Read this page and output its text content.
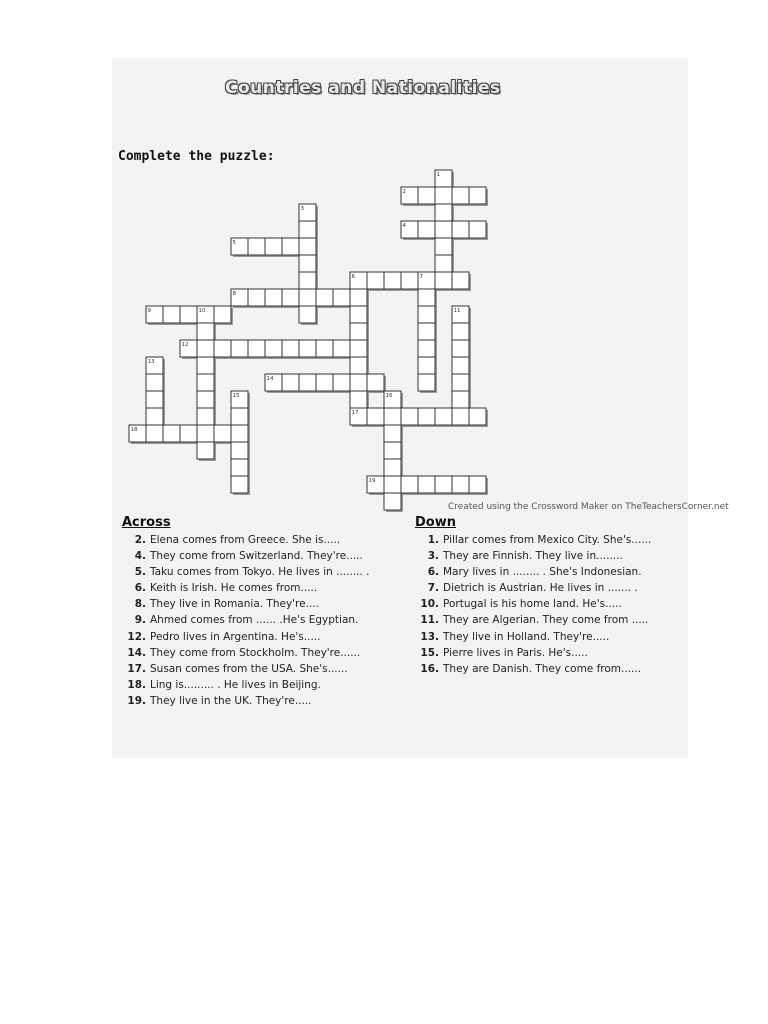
Countries and Nationalities
Complete the puzzle:
1
2
3
4
5
6	7
8
9	10	11
12
13
14
15	16
17
18
19
Created using the Crossword Maker on TheTeachersCorner.net
Across
2. Elena comes from Greece. She is.....
4. They come from Switzerland. They're.....
5. Taku comes from Tokyo. He lives in ........ .
6. Keith is Irish. He comes from.....
8. They live in Romania. They're....
9. Ahmed comes from ...... .He's Egyptian.
12. Pedro lives in Argentina. He's.....
14. They come from Stockholm. They're......
17. Susan comes from the USA. She's......
18. Ling is......... . He lives in Beijing.
19. They live in the UK. They're.....
Down
1. Pillar comes from Mexico City. She's......
3. They are Finnish. They live in........
6. Mary lives in ........ . She's Indonesian.
7. Dietrich is Austrian. He lives in ....... .
10. Portugal is his home land. He's.....
11. They are Algerian. They come from .....
13. They live in Holland. They're.....
15. Pierre lives in Paris. He's.....
16. They are Danish. They come from......
